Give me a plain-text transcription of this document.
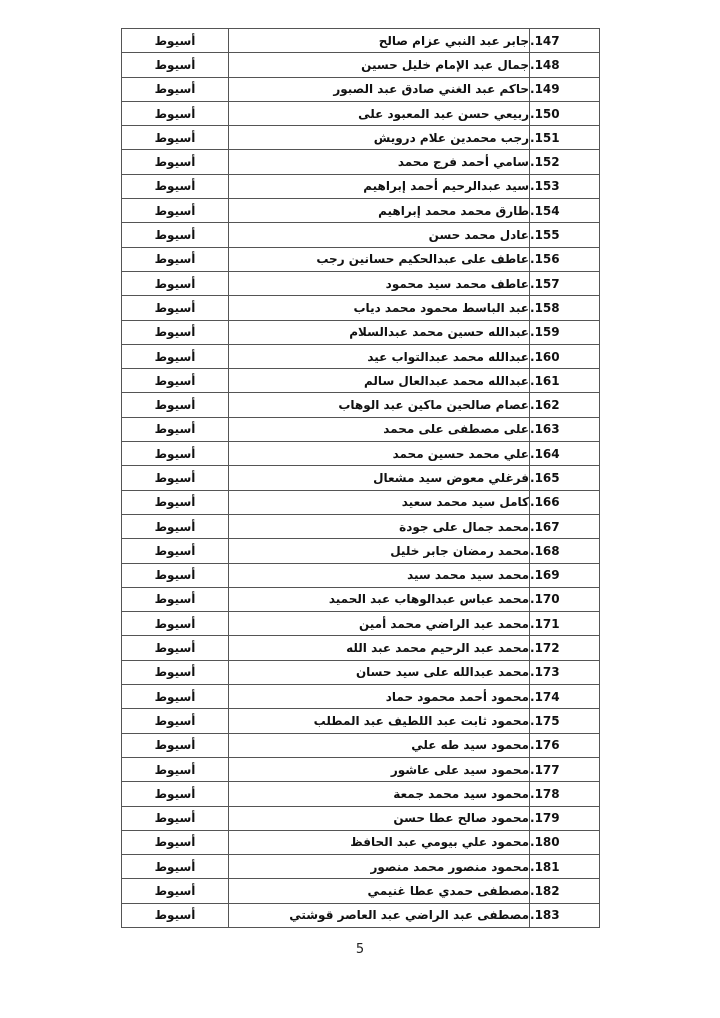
147.	جابر عبد النبي عزام صالح	أسيوط
148.	جمال عبد الإمام خليل حسين	أسيوط
149.	حاكم عبد الغني صادق عبد الصبور	أسيوط
150.	ربيعي حسن عبد المعبود على	أسيوط
151.	رجب محمدين علام درويش	أسيوط
152.	سامي أحمد فرج محمد	أسيوط
153.	سيد عبدالرحيم أحمد إبراهيم	أسيوط
154.	طارق محمد محمد إبراهيم	أسيوط
155.	عادل محمد حسن	أسيوط
156.	عاطف على عبدالحكيم حسانين رجب	أسيوط
157.	عاطف محمد سيد محمود	أسيوط
158.	عبد الباسط محمود محمد دياب	أسيوط
159.	عبدالله حسين محمد عبدالسلام	أسيوط
160.	عبدالله محمد عبدالتواب عيد	أسيوط
161.	عبدالله محمد عبدالعال سالم	أسيوط
162.	عصام صالحين ماكين عبد الوهاب	أسيوط
163.	على مصطفى على محمد	أسيوط
164.	علي محمد حسين محمد	أسيوط
165.	فرغلي معوض سيد مشعال	أسيوط
166.	كامل سيد محمد سعيد	أسيوط
167.	محمد جمال على جودة	أسيوط
168.	محمد رمضان جابر خليل	أسيوط
169.	محمد سيد محمد سيد	أسيوط
170.	محمد عباس عبدالوهاب عبد الحميد	أسيوط
171.	محمد عبد الراضي محمد أمين	أسيوط
172.	محمد عبد الرحيم محمد عبد الله	أسيوط
173.	محمد عبدالله على سيد حسان	أسيوط
174.	محمود أحمد محمود حماد	أسيوط
175.	محمود ثابت عبد اللطيف عبد المطلب	أسيوط
176.	محمود سيد طه علي	أسيوط
177.	محمود سيد على عاشور	أسيوط
178.	محمود سيد محمد جمعة	أسيوط
179.	محمود صالح عطا حسن	أسيوط
180.	محمود علي بيومي عبد الحافظ	أسيوط
181.	محمود منصور محمد منصور	أسيوط
182.	مصطفى حمدي عطا غنيمي	أسيوط
183.	مصطفى عبد الراضي عبد العاصر قوشتي	أسيوط
5
